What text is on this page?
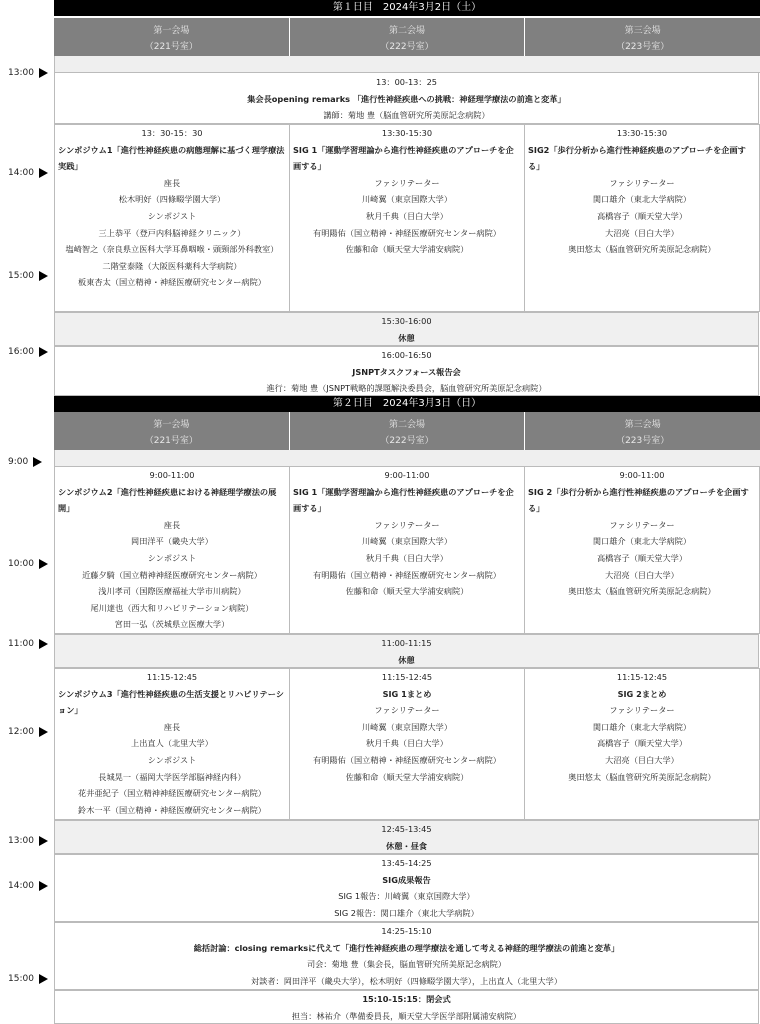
13:00
14:00
15:00
16:00
9:00
10:00
11:00
12:00
13:00
14:00
15:00
第１日目　2024年3月2日（土）
第一会場
（221号室）
第二会場
（222号室）
第三会場
（223号室）
13：00-13：25
集会長opening remarks 「進行性神経疾患への挑戦：神経理学療法の前進と変革」
講師：菊地 豊（脳血管研究所美原記念病院）
13：30-15：30
シンポジウム1「進行性神経疾患の病態理解に基づく理学療法実践」
座長
松木明好（四條畷学園大学）
シンポジスト
三上恭平（登戸内科脳神経クリニック）
塩崎智之（奈良県立医科大学耳鼻咽喉・頭頸部外科教室）
二階堂泰隆（大阪医科薬科大学病院）
板東杏太（国立精神・神経医療研究センター病院）
13:30-15:30
SIG 1「運動学習理論から進行性神経疾患のアプローチを企画する」
ファシリテーター
川崎翼（東京国際大学）
秋月千典（目白大学）
有明陽佑（国立精神・神経医療研究センター病院）
佐藤和命（順天堂大学浦安病院）
13:30-15:30
SIG2「歩行分析から進行性神経疾患のアプローチを企画する」
ファシリテーター
関口雄介（東北大学病院）
高橋容子（順天堂大学）
大沼亮（目白大学）
奥田悠太（脳血管研究所美原記念病院）
15:30-16:00
休憩
16:00-16:50
JSNPTタスクフォース報告会
進行：菊地 豊（JSNPT戦略的課題解決委員会，脳血管研究所美原記念病院）
第２日目　2024年3月3日（日）
第一会場
（221号室）
第二会場
（222号室）
第三会場
（223号室）
9:00-11:00
シンポジウム2「進行性神経疾患における神経理学療法の展開」
座長
岡田洋平（畿央大学）
シンポジスト
近藤夕騎（国立精神神経医療研究センター病院）
浅川孝司（国際医療福祉大学市川病院）
尾川達也（西大和リハビリテーション病院）
宮田一弘（茨城県立医療大学）
9:00-11:00
SIG 1「運動学習理論から進行性神経疾患のアプローチを企画する」
ファシリテーター
川崎翼（東京国際大学）
秋月千典（目白大学）
有明陽佑（国立精神・神経医療研究センター病院）
佐藤和命（順天堂大学浦安病院）
9:00-11:00
SIG 2「歩行分析から進行性神経疾患のアプローチを企画する」
ファシリテーター
関口雄介（東北大学病院）
高橋容子（順天堂大学）
大沼亮（目白大学）
奥田悠太（脳血管研究所美原記念病院）
11:00-11:15
休憩
11:15-12:45
シンポジウム3「進行性神経疾患の生活支援とリハビリテーション」
座長
上出直人（北里大学）
シンポジスト
長城晃一（福岡大学医学部脳神経内科）
花井亜紀子（国立精神神経医療研究センター病院）
鈴木一平（国立精神・神経医療研究センター病院）
11:15-12:45
SIG 1まとめ
ファシリテーター
川崎翼（東京国際大学）
秋月千典（目白大学）
有明陽佑（国立精神・神経医療研究センター病院）
佐藤和命（順天堂大学浦安病院）
11:15-12:45
SIG 2まとめ
ファシリテーター
関口雄介（東北大学病院）
高橋容子（順天堂大学）
大沼亮（目白大学）
奥田悠太（脳血管研究所美原記念病院）
12:45-13:45
休憩・昼食
13:45-14:25
SIG成果報告
SIG 1報告：川崎翼（東京国際大学）
SIG 2報告：関口雄介（東北大学病院）
14:25-15:10
総括討論：closing remarksに代えて「進行性神経疾患の理学療法を通して考える神経的理学療法の前進と変革」
司会：菊地 豊（集会長，脳血管研究所美原記念病院）
対談者：岡田洋平（畿央大学），松木明好（四條畷学園大学），上出直人（北里大学）
15:10-15:15：閉会式
担当：林祐介（準備委員長，順天堂大学医学部附属浦安病院）
